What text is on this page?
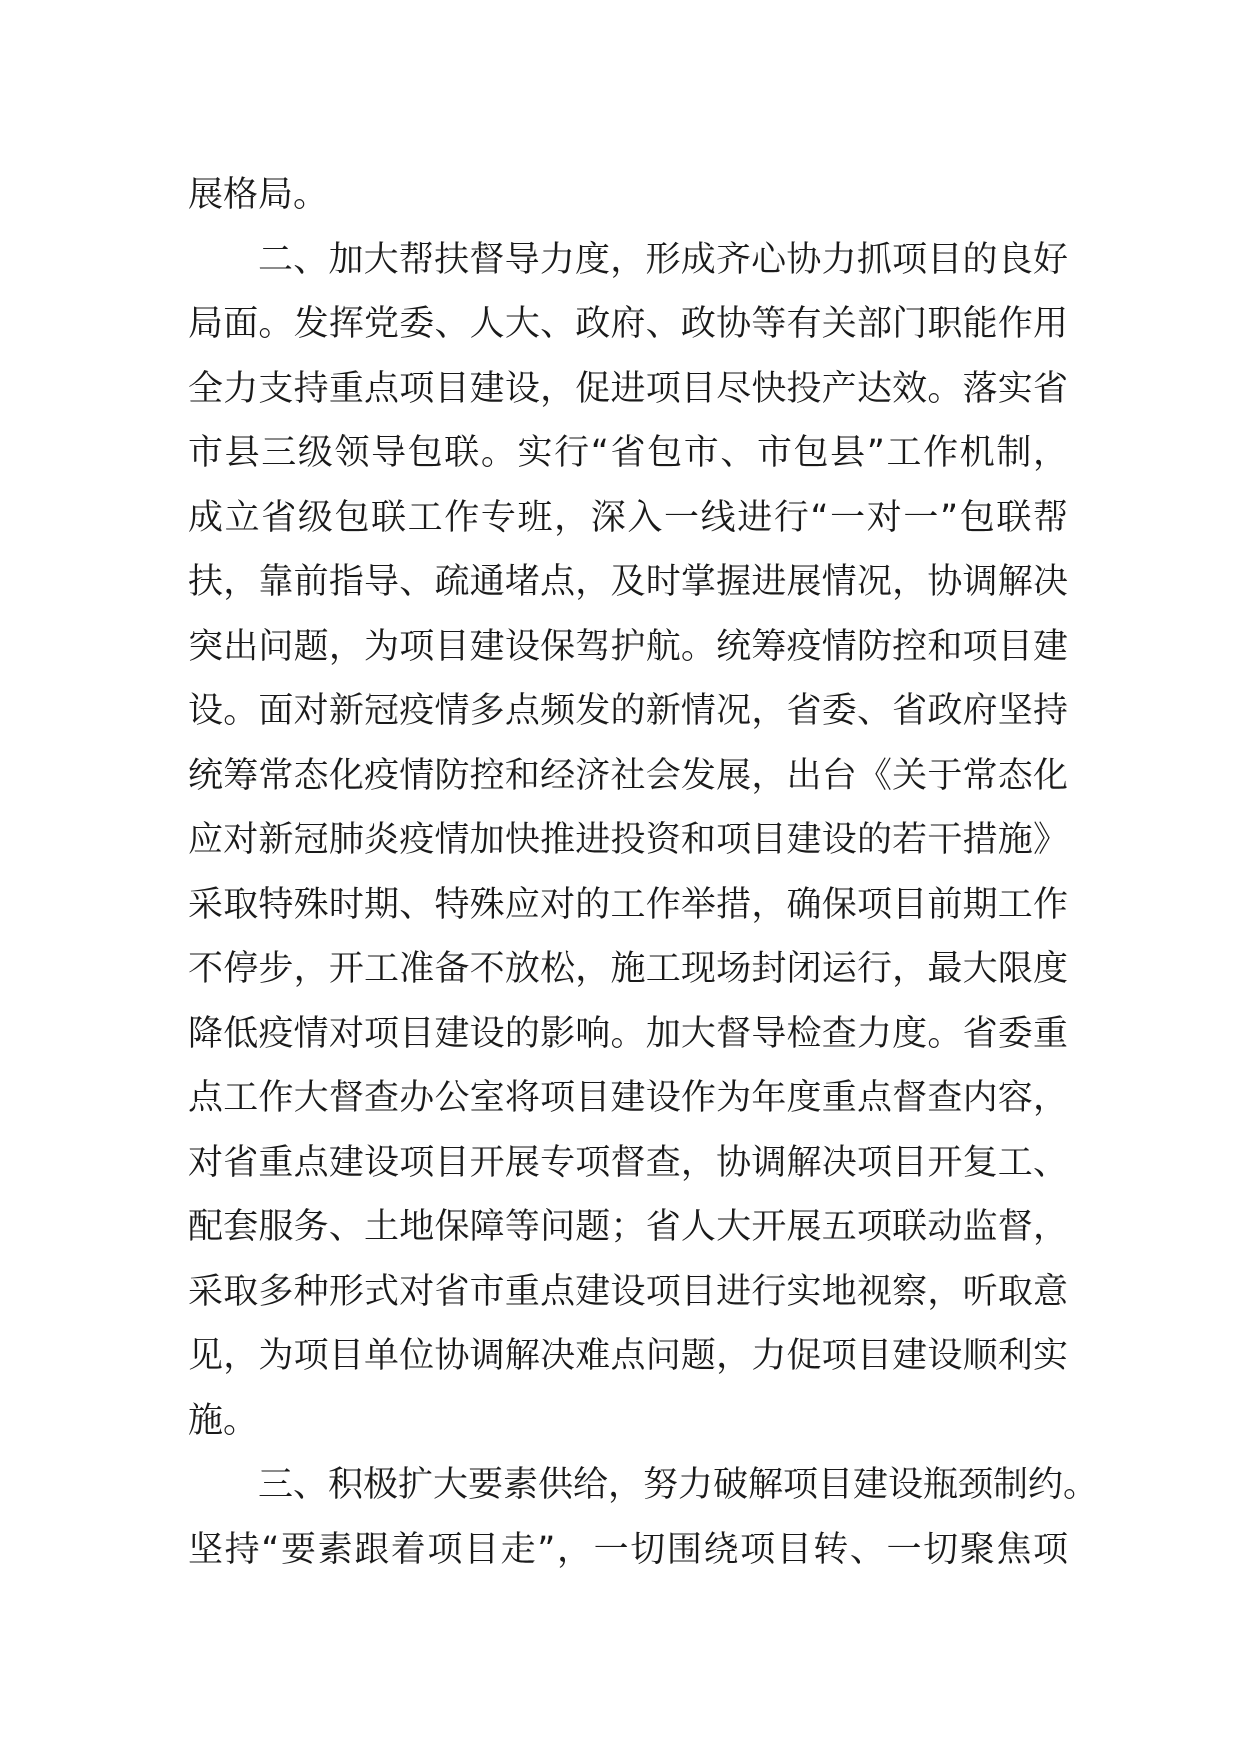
展格局。
二、加大帮扶督导力度，形成齐心协力抓项目的良好
局面。发挥党委、人大、政府、政协等有关部门职能作用
全力支持重点项目建设，促进项目尽快投产达效。落实省
市县三级领导包联。实行“省包市、市包县”工作机制，
成立省级包联工作专班，深入一线进行“一对一”包联帮
扶，靠前指导、疏通堵点，及时掌握进展情况，协调解决
突出问题，为项目建设保驾护航。统筹疫情防控和项目建
设。面对新冠疫情多点频发的新情况，省委、省政府坚持
统筹常态化疫情防控和经济社会发展，出台《关于常态化
应对新冠肺炎疫情加快推进投资和项目建设的若干措施》
采取特殊时期、特殊应对的工作举措，确保项目前期工作
不停步，开工准备不放松，施工现场封闭运行，最大限度
降低疫情对项目建设的影响。加大督导检查力度。省委重
点工作大督查办公室将项目建设作为年度重点督查内容，
对省重点建设项目开展专项督查，协调解决项目开复工、
配套服务、土地保障等问题；省人大开展五项联动监督，
采取多种形式对省市重点建设项目进行实地视察，听取意
见，为项目单位协调解决难点问题，力促项目建设顺利实
施。
三、积极扩大要素供给，努力破解项目建设瓶颈制约。
坚持“要素跟着项目走”，一切围绕项目转、一切聚焦项
